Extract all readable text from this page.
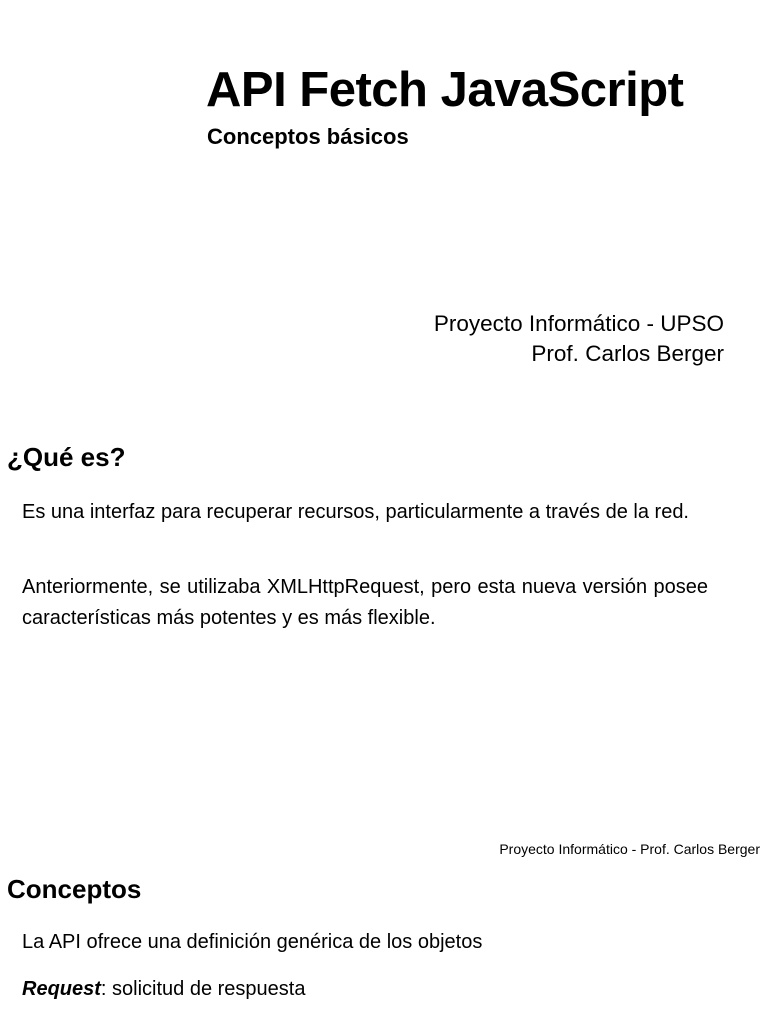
API Fetch JavaScript
Conceptos básicos
Proyecto Informático - UPSO
Prof. Carlos Berger
¿Qué es?
Es una interfaz para recuperar recursos, particularmente a través de la red.
Anteriormente, se utilizaba XMLHttpRequest, pero esta nueva versión posee características más potentes y es más flexible.
Proyecto Informático - Prof. Carlos Berger
Conceptos
La API ofrece una definición genérica de los objetos
Request: solicitud de respuesta
